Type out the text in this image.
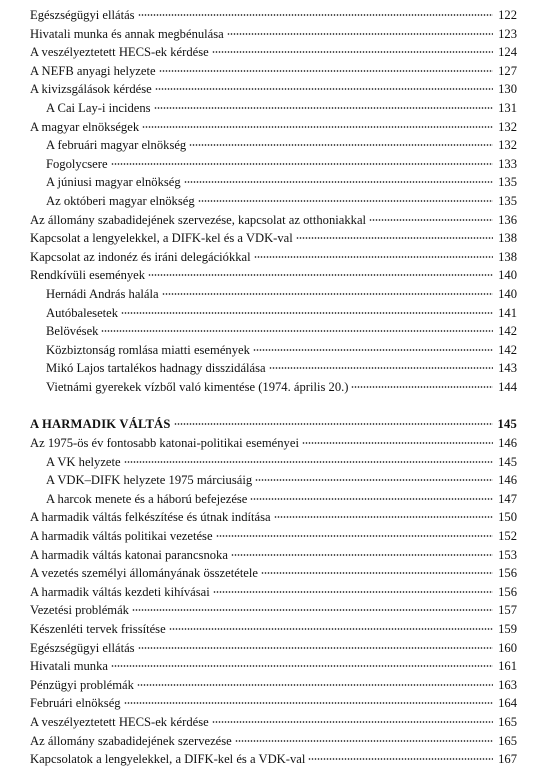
Egészségügyi ellátás	122
Hivatali munka és annak megbénulása	123
A veszélyeztetett HECS-ek kérdése	124
A NEFB anyagi helyzete	127
A kivizsgálások kérdése	130
A Cai Lay-i incidens	131
A magyar elnökségek	132
A februári magyar elnökség	132
Fogolycsere	133
A júniusi magyar elnökség	135
Az októberi magyar elnökség	135
Az állomány szabadidejének szervezése, kapcsolat az otthoniakkal	136
Kapcsolat a lengyelekkel, a DIFK-kel és a VDK-val	138
Kapcsolat az indonéz és iráni delegációkkal	138
Rendkívüli események	140
Hernádi András halála	140
Autóbalesetek	141
Belövések	142
Közbiztonság romlása miatti események	142
Mikó Lajos tartalékos hadnagy disszidálása	143
Vietnámi gyerekek vízből való kimentése (1974. április 20.)	144
A HARMADIK VÁLTÁS	145
Az 1975-ös év fontosabb katonai-politikai eseményei	146
A VK helyzete	145
A VDK–DIFK helyzete 1975 márciusáig	146
A harcok menete és a háború befejezése	147
A harmadik váltás felkészítése és útnak indítása	150
A harmadik váltás politikai vezetése	152
A harmadik váltás katonai parancsnoka	153
A vezetés személyi állományának összetétele	156
A harmadik váltás kezdeti kihívásai	156
Vezetési problémák	157
Készenléti tervek frissítése	159
Egészségügyi ellátás	160
Hivatali munka	161
Pénzügyi problémák	163
Februári elnökség	164
A veszélyeztetett HECS-ek kérdése	165
Az állomány szabadidejének szervezése	165
Kapcsolatok a lengyelekkel, a DIFK-kel és a VDK-val	167
